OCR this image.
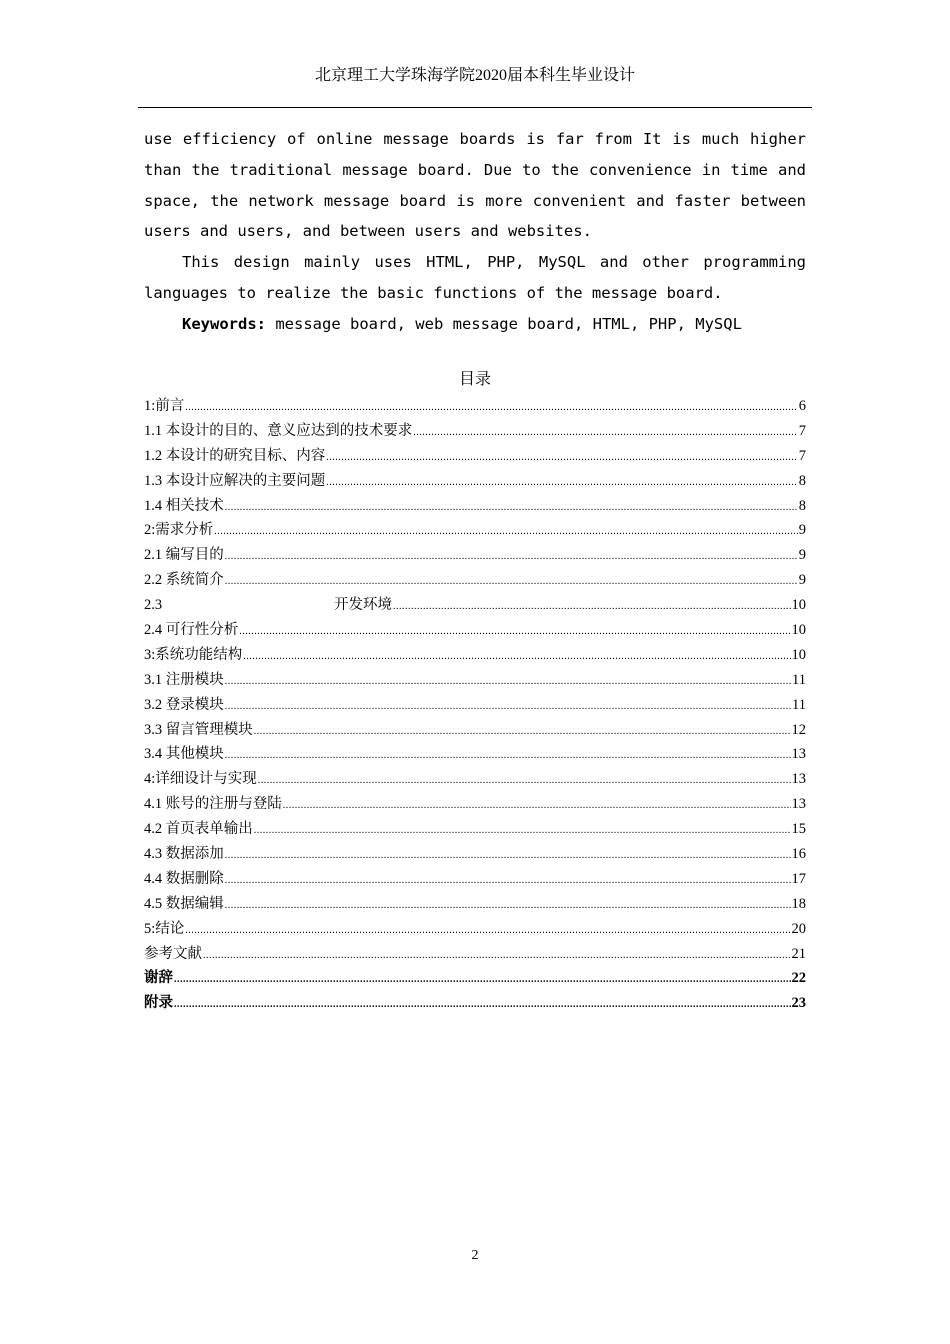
北京理工大学珠海学院2020届本科生毕业设计

use efficiency of online message boards is far from It is much higher than the traditional message board. Due to the convenience in time and space, the network message board is more convenient and faster between users and users, and between users and websites.

This design mainly uses HTML, PHP, MySQL and other programming languages to realize the basic functions of the message board.

Keywords: message board, web message board, HTML, PHP, MySQL

目录
1:前言 .....	6
1.1 本设计的目的、意义应达到的技术要求 .....	7
1.2 本设计的研究目标、内容 .....	7
1.3 本设计应解决的主要问题 .....	8
1.4 相关技术 .....	8
2:需求分析 .....	9
2.1 编写目的 .....	9
2.2 系统简介 .....	9
2.3	开发环境 .....	10
2.4 可行性分析 .....	10
3:系统功能结构 .....	10
3.1 注册模块 .....	11
3.2 登录模块 .....	11
3.3 留言管理模块 .....	12
3.4 其他模块 .....	13
4:详细设计与实现 .....	13
4.1 账号的注册与登陆 .....	13
4.2 首页表单输出 .....	15
4.3 数据添加 .....	16
4.4 数据删除 .....	17
4.5 数据编辑 .....	18
5:结论 .....	20
参考文献 .....	21
谢辞 .....	22
附录 .....	23
2
